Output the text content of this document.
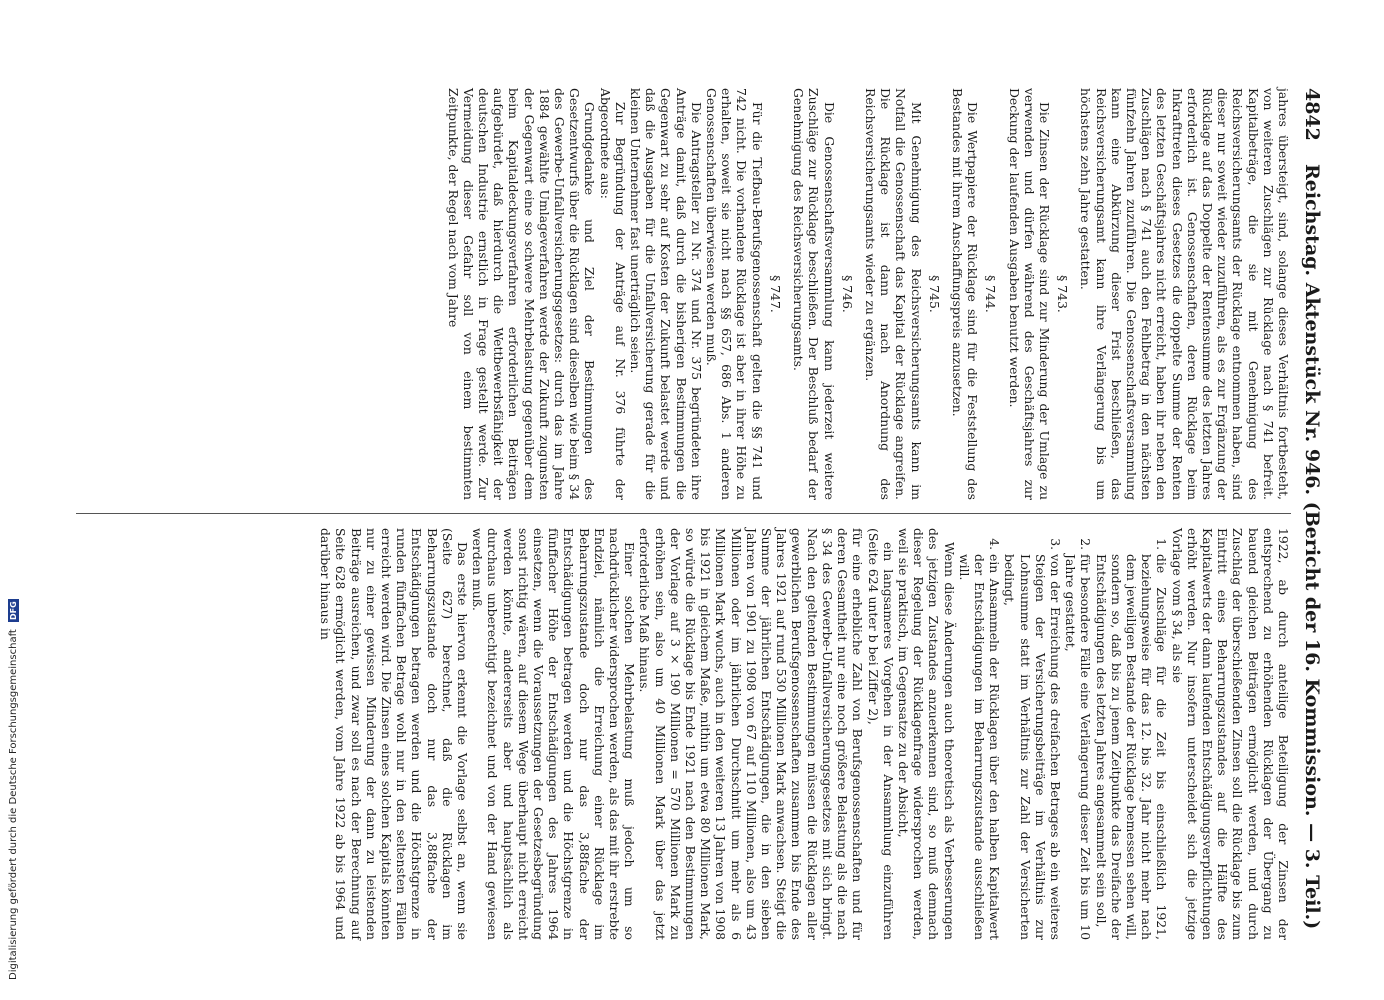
4842
Reichstag. Aktenstück Nr. 946. (Bericht der 16. Kommission. — 3. Teil.)

jahres übersteigt, sind, solange dieses Verhältnis fortbesteht, von weiteren Zuschlägen zur Rücklage nach § 741 befreit. Kapitalbeträge, die sie mit Genehmigung des Reichsversicherungsamts der Rücklage entnommen haben, sind dieser nur soweit wieder zuzuführen, als es zur Ergänzung der Rücklage auf das Doppelte der Rentensumme des letzten Jahres erforderlich ist. Genossenschaften, deren Rücklage beim Inkrafttreten dieses Gesetzes die doppelte Summe der Renten des letzten Geschäftsjahres nicht erreicht, haben ihr neben den Zuschlägen nach § 741 auch den Fehlbetrag in den nächsten fünfzehn Jahren zuzuführen. Die Genossenschaftsversammlung kann eine Abkürzung dieser Frist beschließen, das Reichsversicherungsamt kann ihre Verlängerung bis um höchstens zehn Jahre gestatten.

§ 743.

Die Zinsen der Rücklage sind zur Minderung der Umlage zu verwenden und dürfen während des Geschäftsjahres zur Deckung der laufenden Ausgaben benutzt werden.

§ 744.

Die Wertpapiere der Rücklage sind für die Feststellung des Bestandes mit ihrem Anschaffungspreis anzusetzen.

§ 745.

Mit Genehmigung des Reichsversicherungsamts kann im Notfall die Genossenschaft das Kapital der Rücklage angreifen. Die Rücklage ist dann nach Anordnung des Reichsversicherungsamts wieder zu ergänzen.

§ 746.

Die Genossenschaftsversammlung kann jederzeit weitere Zuschläge zur Rücklage beschließen. Der Beschluß bedarf der Genehmigung des Reichsversicherungsamts.

§ 747.

Für die Tiefbau-Berufsgenossenschaft gelten die §§ 741 und 742 nicht. Die vorhandene Rücklage ist aber in ihrer Höhe zu erhalten, soweit sie nicht nach §§ 657, 686 Abs. 1 anderen Genossenschaften überwiesen werden muß.

Die Antragsteller zu Nr. 374 und Nr. 375 begründeten ihre Anträge damit, daß durch die bisherigen Bestimmungen die Gegenwart zu sehr auf Kosten der Zukunft belastet werde und daß die Ausgaben für die Unfallversicherung gerade für die kleinen Unternehmer fast unerträglich seien.

Zur Begründung der Anträge auf Nr. 376 führte der Abgeordnete aus:

Grundgedanke und Ziel der Bestimmungen des Gesetzentwurfs über die Rücklagen sind dieselben wie beim § 34 des Gewerbe-Unfallversicherungsgesetzes: durch das im Jahre 1884 gewählte Umlageverfahren werde der Zukunft zugunsten der Gegenwart eine so schwere Mehrbelastung gegenüber dem beim Kapitaldeckungsverfahren erforderlichen Beiträgen aufgebürdet, daß hierdurch die Wettbewerbsfähigkeit der deutschen Industrie ernstlich in Frage gestellt werde. Zur Vermeidung dieser Gefahr soll von einem bestimmten Zeitpunkte, der Regel nach vom Jahre

1922, ab durch anteilige Beteiligung der Zinsen der entsprechend zu erhöhenden Rücklagen der Übergang zu bauend gleichen Beiträgen ermöglicht werden, und durch Zuschlag der überschießenden Zinsen soll die Rücklage bis zum Eintritt eines Beharrungszustandes auf die Hälfte des Kapitalwerts der dann laufenden Entschädigungsverpflichtungen erhöht werden. Nur insofern unterscheidet sich die jetzige Vorlage vom § 34, als sie

1. die Zuschläge für die Zeit bis einschließlich 1921, beziehungsweise für das 12. bis 32. Jahr nicht mehr nach dem jeweiligen Bestande der Rücklage bemessen sehen will, sondern so, daß bis zu jenem Zeitpunkte das Dreifache der Entschädigungen des letzten Jahres angesammelt sein soll,
2. für besondere Fälle eine Verlängerung dieser Zeit bis um 10 Jahre gestattet,
3. von der Erreichung des dreifachen Betrages ab ein weiteres Steigen der Versicherungsbeiträge im Verhältnis zur Lohnsumme statt im Verhältnis zur Zahl der Versicherten bedingt,
4. ein Ansammeln der Rücklagen über den halben Kapitalwert der Entschädigungen im Beharrungszustande ausschließen will.

Wenn diese Änderungen auch theoretisch als Verbesserungen des jetzigen Zustandes anzuerkennen sind, so muß demnach dieser Regelung der Rücklagenfrage widersprochen werden, weil sie praktisch, im Gegensatze zu der Absicht,

ein langsameres Vorgehen in der Ansammlung einzuführen (Seite 624 unter b bei Ziffer 2),

für eine erhebliche Zahl von Berufsgenossenschaften und für deren Gesamtheit nur eine noch größere Belastung als die nach § 34 des Gewerbe-Unfallversicherungsgesetzes mit sich bringt. Nach den geltenden Bestimmungen müssen die Rücklagen aller gewerblichen Berufsgenossenschaften zusammen bis Ende des Jahres 1921 auf rund 530 Millionen Mark anwachsen. Steigt die Summe der jährlichen Entschädigungen, die in den sieben Jahren von 1901 zu 1908 von 67 auf 110 Millionen, also um 43 Millionen oder im jährlichen Durchschnitt um mehr als 6 Millionen Mark wuchs, auch in den weiteren 13 Jahren von 1908 bis 1921 in gleichem Maße, mithin um etwa 80 Millionen Mark, so würde die Rücklage bis Ende 1921 nach den Bestimmungen der Vorlage auf 3 × 190 Millionen = 570 Millionen Mark zu erhöhen sein, also um 40 Millionen Mark über das jetzt erforderliche Maß hinaus.

Einer solchen Mehrbelastung muß jedoch um so nachdrücklicher widersprochen werden, als das mit ihr erstrebte Endziel, nämlich die Erreichung einer Rücklage im Beharrungszustande doch nur das 3,88fache der Entschädigungen betragen werden und die Höchstgrenze in fünffacher Höhe der Entschädigungen des Jahres 1964 einsetzen, wenn die Voraussetzungen der Gesetzesbegründung sonst richtig wären, auf diesem Wege überhaupt nicht erreicht werden könnte, andererseits aber und hauptsächlich als durchaus unberechtigt bezeichnet und von der Hand gewiesen werden muß.

Das erste hiervon erkennt die Vorlage selbst an, wenn sie (Seite 627) berechnet, daß die Rücklagen im Beharrungszustande doch nur das 3,88fache der Entschädigungen betragen werden und die Höchstgrenze in runden fünffachen Betrage wohl nur in den seltensten Fällen erreicht werden wird. Die Zinsen eines solchen Kapitals könnten nur zu einer gewissen Minderung der dann zu leistenden Beiträge ausreichen, und zwar soll es nach der Berechnung auf Seite 628 ermöglicht werden, vom Jahre 1922 ab bis 1964 und darüber hinaus in

Digitalisierung gefördert durch die Deutsche Forschungsgemeinschaft DFG
